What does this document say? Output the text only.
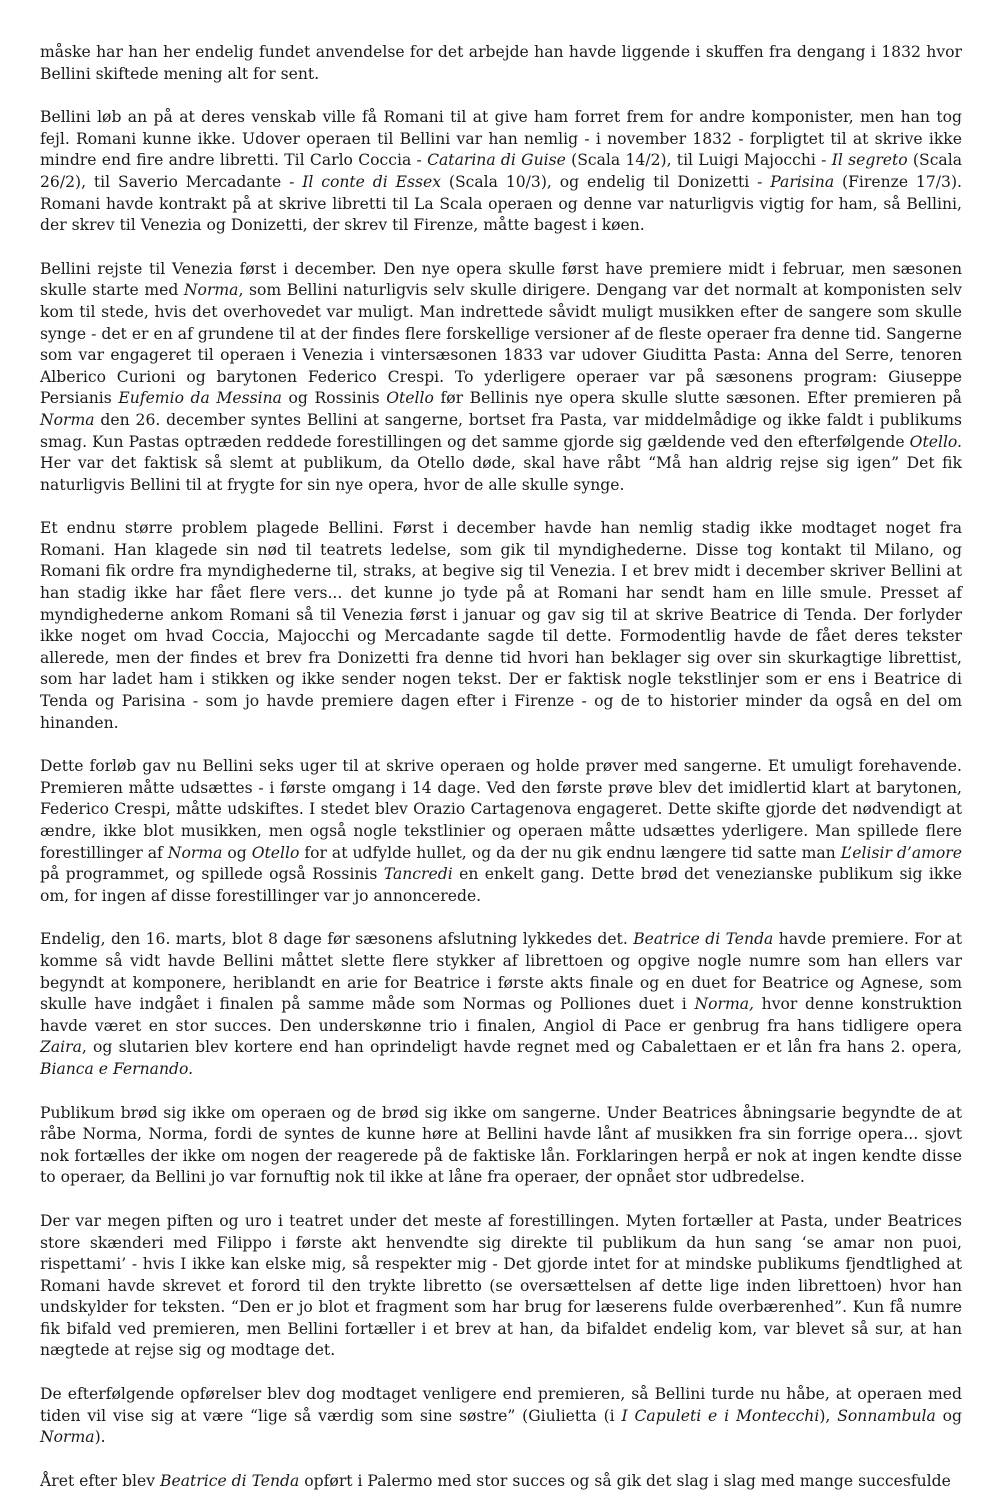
måske har han her endelig fundet anvendelse for det arbejde han havde liggende i skuffen fra dengang i 1832 hvor Bellini skiftede mening alt for sent.

Bellini løb an på at deres venskab ville få Romani til at give ham forret frem for andre komponister, men han tog fejl. Romani kunne ikke. Udover operaen til Bellini var han nemlig - i november 1832 - forpligtet til at skrive ikke mindre end fire andre libretti. Til Carlo Coccia - Catarina di Guise (Scala 14/2), til Luigi Majocchi - Il segreto (Scala 26/2), til Saverio Mercadante - Il conte di Essex (Scala 10/3), og endelig til Donizetti - Parisina (Firenze 17/3). Romani havde kontrakt på at skrive libretti til La Scala operaen og denne var naturligvis vigtig for ham, så Bellini, der skrev til Venezia og Donizetti, der skrev til Firenze, måtte bagest i køen.

Bellini rejste til Venezia først i december. Den nye opera skulle først have premiere midt i februar, men sæsonen skulle starte med Norma, som Bellini naturligvis selv skulle dirigere. Dengang var det normalt at komponisten selv kom til stede, hvis det overhovedet var muligt. Man indrettede såvidt muligt musikken efter de sangere som skulle synge - det er en af grundene til at der findes flere forskellige versioner af de fleste operaer fra denne tid. Sangerne som var engageret til operaen i Venezia i vintersæsonen 1833 var udover Giuditta Pasta: Anna del Serre, tenoren Alberico Curioni og barytonen Federico Crespi. To yderligere operaer var på sæsonens program: Giuseppe Persianis Eufemio da Messina og Rossinis Otello før Bellinis nye opera skulle slutte sæsonen. Efter premieren på Norma den 26. december syntes Bellini at sangerne, bortset fra Pasta, var middelmådige og ikke faldt i publikums smag. Kun Pastas optræden reddede forestillingen og det samme gjorde sig gældende ved den efterfølgende Otello. Her var det faktisk så slemt at publikum, da Otello døde, skal have råbt “Må han aldrig rejse sig igen” Det fik naturligvis Bellini til at frygte for sin nye opera, hvor de alle skulle synge.

Et endnu større problem plagede Bellini. Først i december havde han nemlig stadig ikke modtaget noget fra Romani. Han klagede sin nød til teatrets ledelse, som gik til myndighederne. Disse tog kontakt til Milano, og Romani fik ordre fra myndighederne til, straks, at begive sig til Venezia. I et brev midt i december skriver Bellini at han stadig ikke har fået flere vers... det kunne jo tyde på at Romani har sendt ham en lille smule. Presset af myndighederne ankom Romani så til Venezia først i januar og gav sig til at skrive Beatrice di Tenda. Der forlyder ikke noget om hvad Coccia, Majocchi og Mercadante sagde til dette. Formodentlig havde de fået deres tekster allerede, men der findes et brev fra Donizetti fra denne tid hvori han beklager sig over sin skurkagtige librettist, som har ladet ham i stikken og ikke sender nogen tekst. Der er faktisk nogle tekstlinjer som er ens i Beatrice di Tenda og Parisina - som jo havde premiere dagen efter i Firenze - og de to historier minder da også en del om hinanden.

Dette forløb gav nu Bellini seks uger til at skrive operaen og holde prøver med sangerne. Et umuligt forehavende. Premieren måtte udsættes - i første omgang i 14 dage. Ved den første prøve blev det imidlertid klart at barytonen, Federico Crespi, måtte udskiftes. I stedet blev Orazio Cartagenova engageret. Dette skifte gjorde det nødvendigt at ændre, ikke blot musikken, men også nogle tekstlinier og operaen måtte udsættes yderligere. Man spillede flere forestillinger af Norma og Otello for at udfylde hullet, og da der nu gik endnu længere tid satte man L’elisir d’amore på programmet, og spillede også Rossinis Tancredi en enkelt gang. Dette brød det venezianske publikum sig ikke om, for ingen af disse forestillinger var jo annoncerede.

Endelig, den 16. marts, blot 8 dage før sæsonens afslutning lykkedes det. Beatrice di Tenda havde premiere. For at komme så vidt havde Bellini måttet slette flere stykker af librettoen og opgive nogle numre som han ellers var begyndt at komponere, heriblandt en arie for Beatrice i første akts finale og en duet for Beatrice og Agnese, som skulle have indgået i finalen på samme måde som Normas og Polliones duet i Norma, hvor denne konstruktion havde været en stor succes. Den underskønne trio i finalen, Angiol di Pace er genbrug fra hans tidligere opera Zaira, og slutarien blev kortere end han oprindeligt havde regnet med og Cabalettaen er et lån fra hans 2. opera, Bianca e Fernando.

Publikum brød sig ikke om operaen og de brød sig ikke om sangerne. Under Beatrices åbningsarie begyndte de at råbe Norma, Norma, fordi de syntes de kunne høre at Bellini havde lånt af musikken fra sin forrige opera... sjovt nok fortælles der ikke om nogen der reagerede på de faktiske lån. Forklaringen herpå er nok at ingen kendte disse to operaer, da Bellini jo var fornuftig nok til ikke at låne fra operaer, der opnået stor udbredelse.

Der var megen piften og uro i teatret under det meste af forestillingen. Myten fortæller at Pasta, under Beatrices store skænderi med Filippo i første akt henvendte sig direkte til publikum da hun sang ‘se amar non puoi, rispettami’ - hvis I ikke kan elske mig, så respekter mig - Det gjorde intet for at mindske publikums fjendtlighed at Romani havde skrevet et forord til den trykte libretto (se oversættelsen af dette lige inden librettoen) hvor han undskylder for teksten. “Den er jo blot et fragment som har brug for læserens fulde overbærenhed”. Kun få numre fik bifald ved premieren, men Bellini fortæller i et brev at han, da bifaldet endelig kom, var blevet så sur, at han nægtede at rejse sig og modtage det.

De efterfølgende opførelser blev dog modtaget venligere end premieren, så Bellini turde nu håbe, at operaen med tiden vil vise sig at være “lige så værdig som sine søstre” (Giulietta (i I Capuleti e i Montecchi), Sonnambula og Norma).

Året efter blev Beatrice di Tenda opført i Palermo med stor succes og så gik det slag i slag med mange succesfulde
